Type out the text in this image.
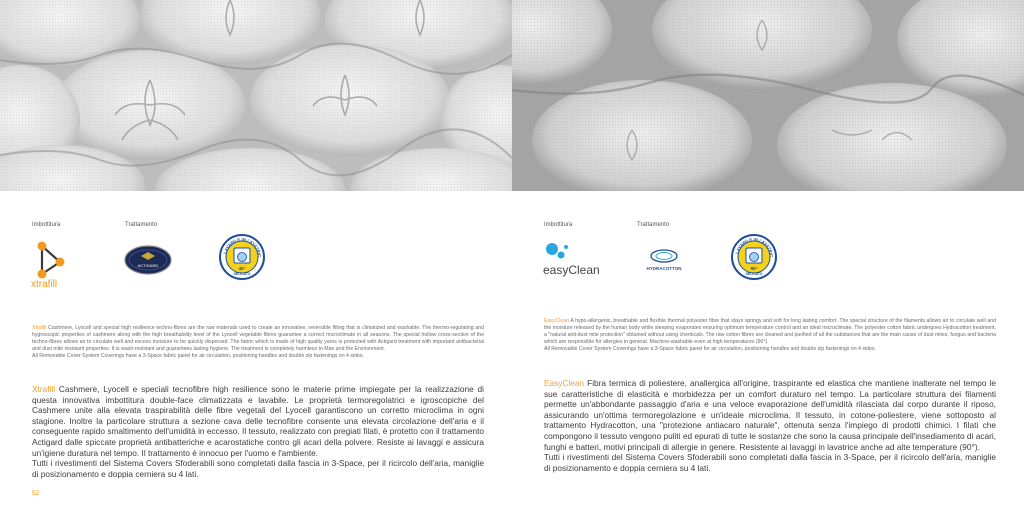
Imbottitura	Trattamento
xtrafill
ACTIGARD
LAVABILE IN LAVATRIC
40°
DELICATO
Xtrafill Cashmere, Lyocell and special high resilience techno-fibres are the raw materials used to create an innovative, reversible filling that is climatized and washable. The thermo-regulating and hygroscopic properties of cashmere along with the high breathability level of the Lyocell vegetable fibres guarantee a correct microclimate in all seasons. The special hollow cross-section of the techno-fibres allows air to circulate well and excess moisture to be quickly dispersed. The fabric which is made of high quality yarns is protected with Actigard treatment with important antibacterial and dust mite resistant properties. It is wash-resistant and guarantees lasting hygiene. The treatment is completely harmless to Man and the Environment.
All Removable Cover System Coverings have a 3-Space fabric panel for air circulation, positioning handles and double zip fastenings on 4 sides.
Xtrafill Cashmere, Lyocell e speciali tecnofibre high resilience sono le materie prime impiegate per la realizzazione di questa innovativa imbottitura double-face climatizzata e lavabile. Le proprietà termoregolatrici e igroscopiche del Cashmere unite alla elevata traspirabilità delle fibre vegetali del Lyocell garantiscono un corretto microclima in ogni stagione. Inoltre la particolare struttura a sezione cava delle tecnofibre consente una elevata circolazione dell'aria e il conseguente rapido smaltimento dell'umidità in eccesso. Il tessuto, realizzato con pregiati filati, è protetto con il trattamento Actigard dalle spiccate proprietà antibatteriche e acarostatiche contro gli acari della polvere. Resiste ai lavaggi e assicura un'igiene duratura nel tempo. Il trattamento è innocuo per l'uomo e l'ambiente.
Tutti i rivestimenti del Sistema Covers Sfoderabili sono completati dalla fascia in 3-Space, per il ricircolo dell'aria, maniglie di posizionamento e doppia cerniera su 4 lati.
52
Imbottitura	Trattamento
easyClean	HYDRACOTTON
LAVABILE IN LAVATRIC
90°
DELICATO
EasyClean A hypo-allergenic, breathable and flexible thermal polyester fibre that stays springy and soft for long lasting comfort. The special structure of the filaments allows air to circulate well and the moisture released by the human body while sleeping evaporates ensuring optimum temperature control and an ideal microclimate. The polyester cotton fabric undergoes Hydracotton treatment, a "natural anti-dust mite protection" obtained without using chemicals. The raw cotton fibres are cleaned and purified of all the substances that are the main cause of dust mites, fungus and bacteria which are responsible for allergies in general. Machine-washable even at high temperatures (90°).
All Removable Cover System Coverings have a 3-Space fabric panel for air circulation, positioning handles and double zip fastenings on 4 sides.
EasyClean Fibra termica di poliestere, anallergica all'origine, traspirante ed elastica che mantiene inalterate nel tempo le sue caratteristiche di elasticità e morbidezza per un comfort duraturo nel tempo. La particolare struttura dei filamenti permette un'abbondante passaggio d'aria e una veloce evaporazione dell'umidità rilasciata dal corpo durante il riposo, assicurando un'ottima termoregolazione e un'ideale microclima. Il tessuto, in cotone-poliestere, viene sottoposto al trattamento Hydracotton, una "protezione antiacaro naturale", ottenuta senza l'impiego di prodotti chimici. I filati che compongono il tessuto vengono puliti ed epurati di tutte le sostanze che sono la causa principale dell'insediamento di acari, funghi e batteri, motivi principali di allergie in genere. Resistente ai lavaggi in lavatrice anche ad alte temperature (90°).
Tutti i rivestimenti del Sistema Covers Sfoderabili sono completati dalla fascia in 3-Space, per il ricircolo dell'aria, maniglie di posizionamento e doppia cerniera su 4 lati.
